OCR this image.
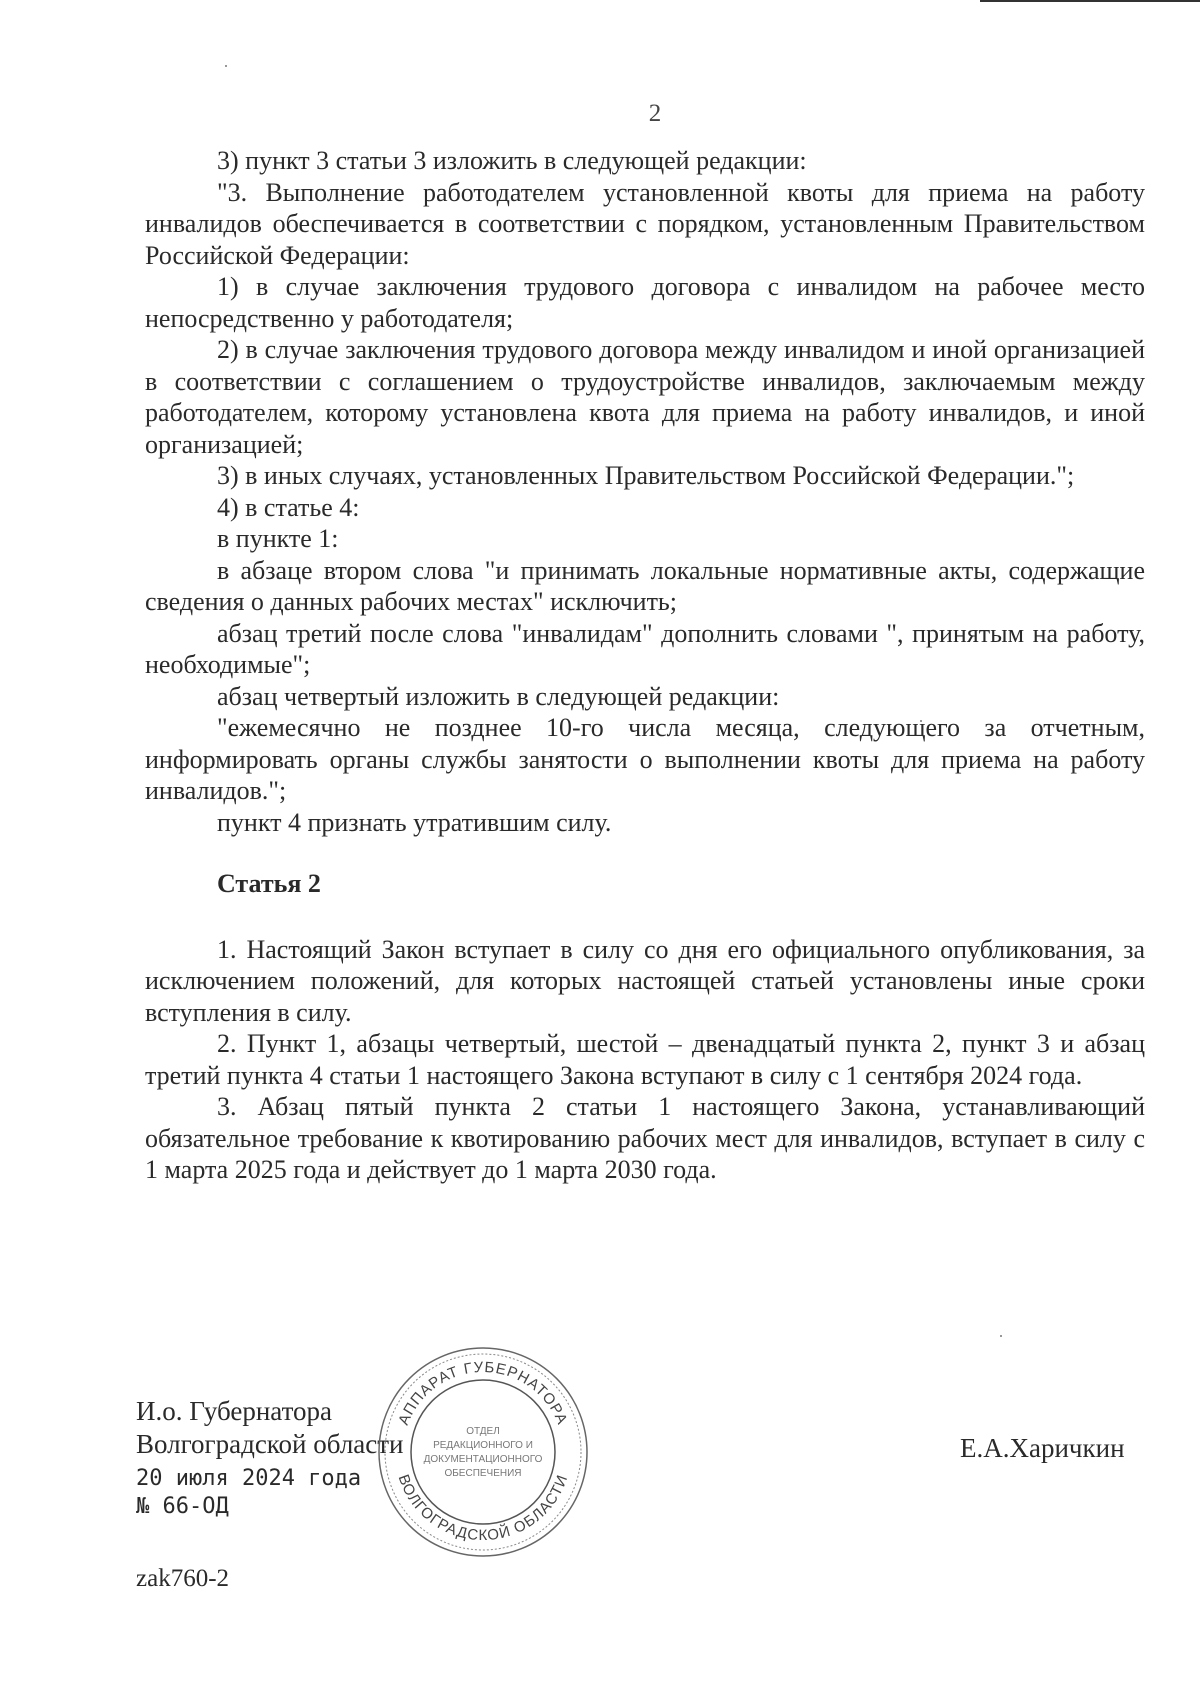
2

3) пункт 3 статьи 3 изложить в следующей редакции:

"3. Выполнение работодателем установленной квоты для приема на работу инвалидов обеспечивается в соответствии с порядком, установленным Правительством Российской Федерации:

1) в случае заключения трудового договора с инвалидом на рабочее место непосредственно у работодателя;

2) в случае заключения трудового договора между инвалидом и иной организацией в соответствии с соглашением о трудоустройстве инвалидов, заключаемым между работодателем, которому установлена квота для приема на работу инвалидов, и иной организацией;

3) в иных случаях, установленных Правительством Российской Федерации.";

4) в статье 4:

в пункте 1:

в абзаце втором слова "и принимать локальные нормативные акты, содержащие сведения о данных рабочих местах" исключить;

абзац третий после слова "инвалидам" дополнить словами ", принятым на работу, необходимые";

абзац четвертый изложить в следующей редакции:

"ежемесячно не позднее 10-го числа месяца, следующего за отчетным, информировать органы службы занятости о выполнении квоты для приема на работу инвалидов.";

пункт 4 признать утратившим силу.

Статья 2

1. Настоящий Закон вступает в силу со дня его официального опубликования, за исключением положений, для которых настоящей статьей установлены иные сроки вступления в силу.

2. Пункт 1, абзацы четвертый, шестой – двенадцатый пункта 2, пункт 3 и абзац третий пункта 4 статьи 1 настоящего Закона вступают в силу с 1 сентября 2024 года.

3. Абзац пятый пункта 2 статьи 1 настоящего Закона, устанавливающий обязательное требование к квотированию рабочих мест для инвалидов, вступает в силу с 1 марта 2025 года и действует до 1 марта 2030 года.

И.о. Губернатора
Волгоградской области
20 июля 2024 года
№ 66-ОД
Е.А.Харичкин
АППАРАТ ГУБЕРНАТОРА
ВОЛГОГРАДСКОЙ ОБЛАСТИ
ОТДЕЛ
РЕДАКЦИОННОГО И
ДОКУМЕНТАЦИОННОГО
ОБЕСПЕЧЕНИЯ
zak760-2
